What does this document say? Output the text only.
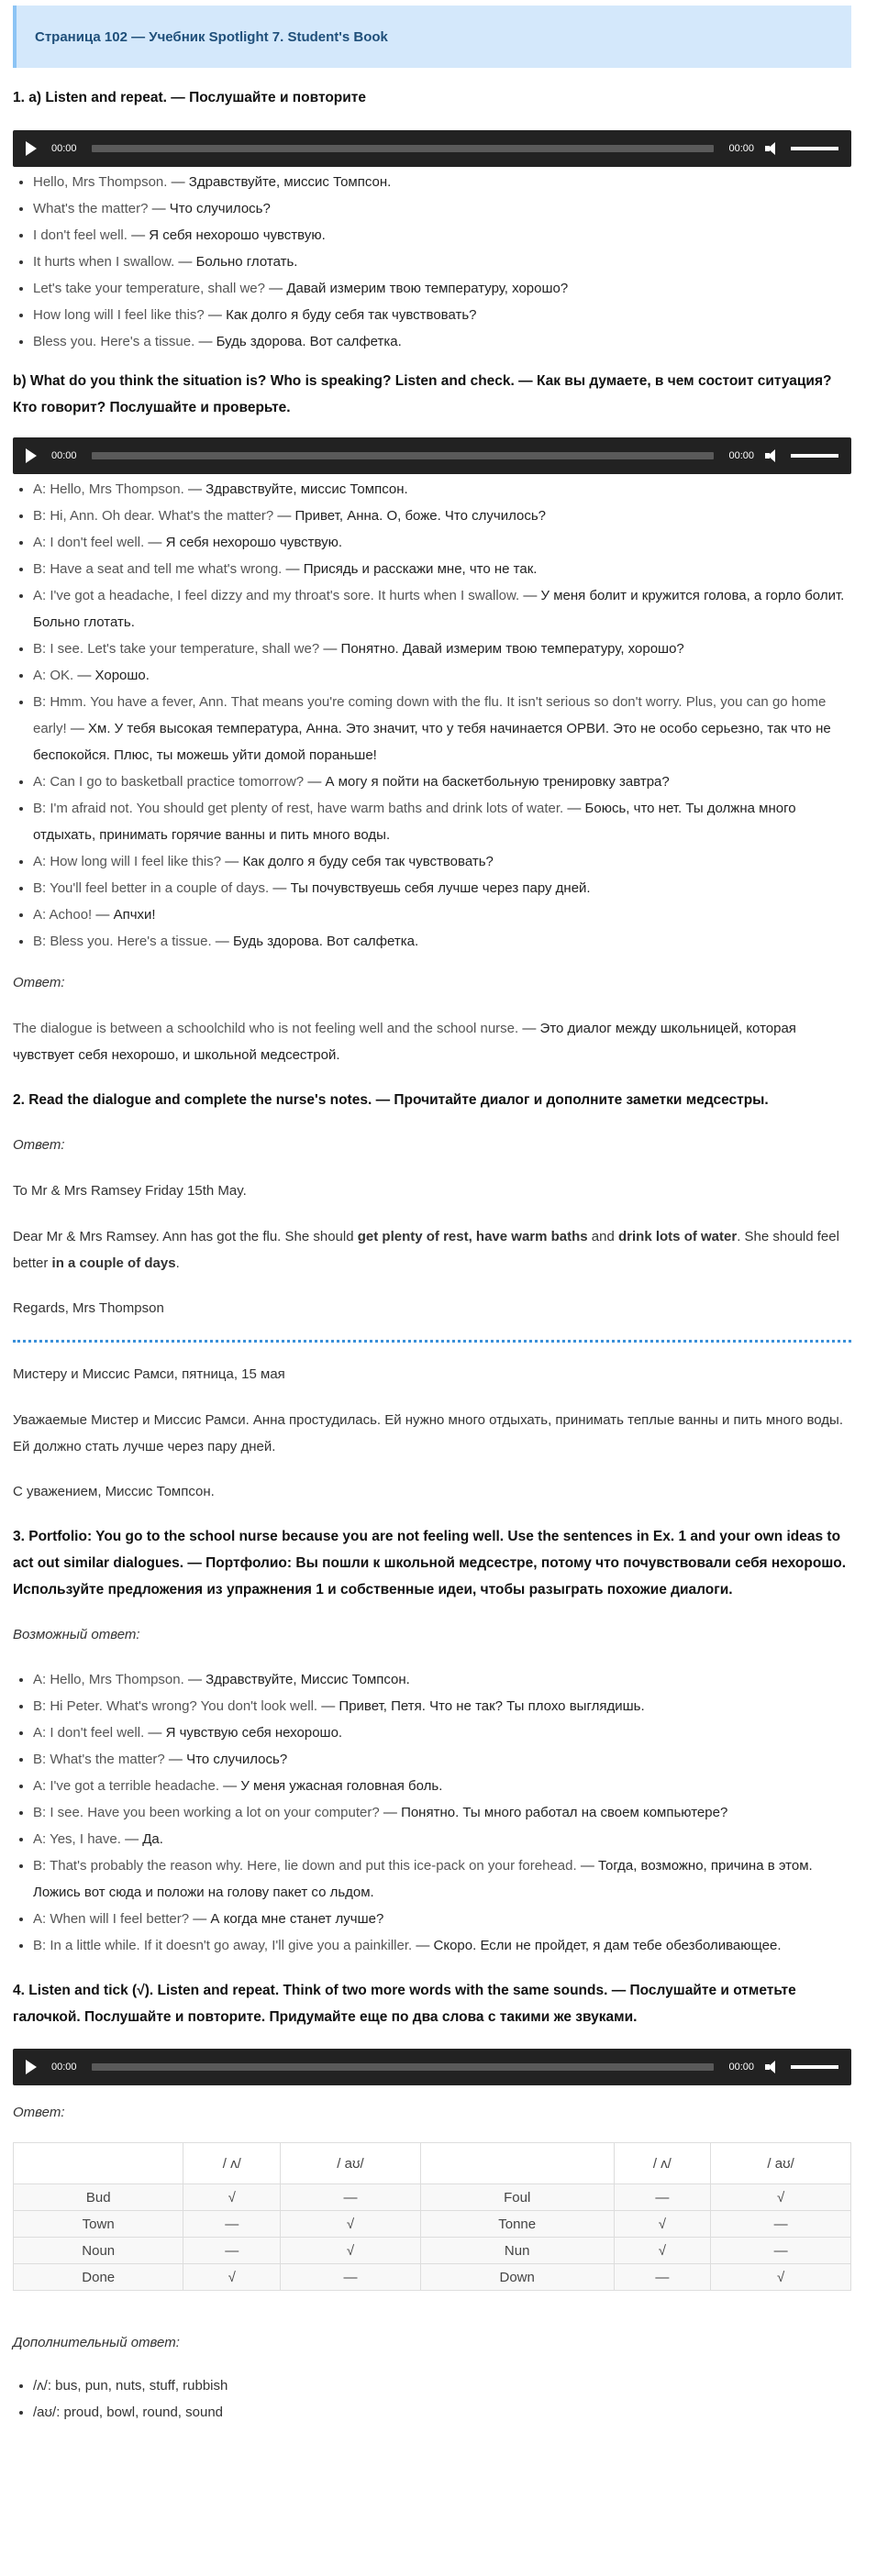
Страница 102 — Учебник Spotlight 7. Student's Book
1. a) Listen and repeat. — Послушайте и повторите
00:00	00:00
• Hello, Mrs Thompson. — Здравствуйте, миссис Томпсон.
• What's the matter? — Что случилось?
• I don't feel well. — Я себя нехорошо чувствую.
• It hurts when I swallow. — Больно глотать.
• Let's take your temperature, shall we? — Давай измерим твою температуру, хорошо?
• How long will I feel like this? — Как долго я буду себя так чувствовать?
• Bless you. Here's a tissue. — Будь здорова. Вот салфетка.
b) What do you think the situation is? Who is speaking? Listen and check. — Как вы думаете, в чем состоит ситуация? Кто говорит? Послушайте и проверьте.
00:00	00:00
• A: Hello, Mrs Thompson. — Здравствуйте, миссис Томпсон.
• B: Hi, Ann. Oh dear. What's the matter? — Привет, Анна. О, боже. Что случилось?
• A: I don't feel well. — Я себя нехорошо чувствую.
• B: Have a seat and tell me what's wrong. — Присядь и расскажи мне, что не так.
• A: I've got a headache, I feel dizzy and my throat's sore. It hurts when I swallow. — У меня болит и кружится голова, а горло болит. Больно глотать.
• B: I see. Let's take your temperature, shall we? — Понятно. Давай измерим твою температуру, хорошо?
• A: OK. — Хорошо.
• B: Hmm. You have a fever, Ann. That means you're coming down with the flu. It isn't serious so don't worry. Plus, you can go home early! — Хм. У тебя высокая температура, Анна. Это значит, что у тебя начинается ОРВИ. Это не особо серьезно, так что не беспокойся. Плюс, ты можешь уйти домой пораньше!
• A: Can I go to basketball practice tomorrow? — А могу я пойти на баскетбольную тренировку завтра?
• B: I'm afraid not. You should get plenty of rest, have warm baths and drink lots of water. — Боюсь, что нет. Ты должна много отдыхать, принимать горячие ванны и пить много воды.
• A: How long will I feel like this? — Как долго я буду себя так чувствовать?
• B: You'll feel better in a couple of days. — Ты почувствуешь себя лучше через пару дней.
• A: Achoo! — Апчхи!
• B: Bless you. Here's a tissue. — Будь здорова. Вот салфетка.

Ответ:

The dialogue is between a schoolchild who is not feeling well and the school nurse. — Это диалог между школьницей, которая чувствует себя нехорошо, и школьной медсестрой.

2. Read the dialogue and complete the nurse's notes. — Прочитайте диалог и дополните заметки медсестры.

Ответ:

To Mr & Mrs Ramsey Friday 15th May.

Dear Mr & Mrs Ramsey. Ann has got the flu. She should get plenty of rest, have warm baths and drink lots of water. She should feel better in a couple of days.

Regards, Mrs Thompson

Мистеру и Миссис Рамси, пятница, 15 мая

Уважаемые Мистер и Миссис Рамси. Анна простудилась. Ей нужно много отдыхать, принимать теплые ванны и пить много воды. Ей должно стать лучше через пару дней.

С уважением, Миссис Томпсон.

3. Portfolio: You go to the school nurse because you are not feeling well. Use the sentences in Ex. 1 and your own ideas to act out similar dialogues. — Портфолио: Вы пошли к школьной медсестре, потому что почувствовали себя нехорошо. Используйте предложения из упражнения 1 и собственные идеи, чтобы разыграть похожие диалоги.

Возможный ответ:

• A: Hello, Mrs Thompson. — Здравствуйте, Миссис Томпсон.
• B: Hi Peter. What's wrong? You don't look well. — Привет, Петя. Что не так? Ты плохо выглядишь.
• A: I don't feel well. — Я чувствую себя нехорошо.
• B: What's the matter? — Что случилось?
• A: I've got a terrible headache. — У меня ужасная головная боль.
• B: I see. Have you been working a lot on your computer? — Понятно. Ты много работал на своем компьютере?
• A: Yes, I have. — Да.
• B: That's probably the reason why. Here, lie down and put this ice-pack on your forehead. — Тогда, возможно, причина в этом. Ложись вот сюда и положи на голову пакет со льдом.
• A: When will I feel better? — А когда мне станет лучше?
• B: In a little while. If it doesn't go away, I'll give you a painkiller. — Скоро. Если не пройдет, я дам тебе обезболивающее.
4. Listen and tick (√). Listen and repeat. Think of two more words with the same sounds. — Послушайте и отметьте галочкой. Послушайте и повторите. Придумайте еще по два слова с такими же звуками.
00:00	00:00

Ответ:

	/ ʌ/	/ aʊ/		/ ʌ/	/ aʊ/
Bud	√	—	Foul	—	√
Town	—	√	Tonne	√	—
Noun	—	√	Nun	√	—
Done	√	—	Down	—	√

Дополнительный ответ:

• /ʌ/: bus, pun, nuts, stuff, rubbish
• /aʊ/: proud, bowl, round, sound
